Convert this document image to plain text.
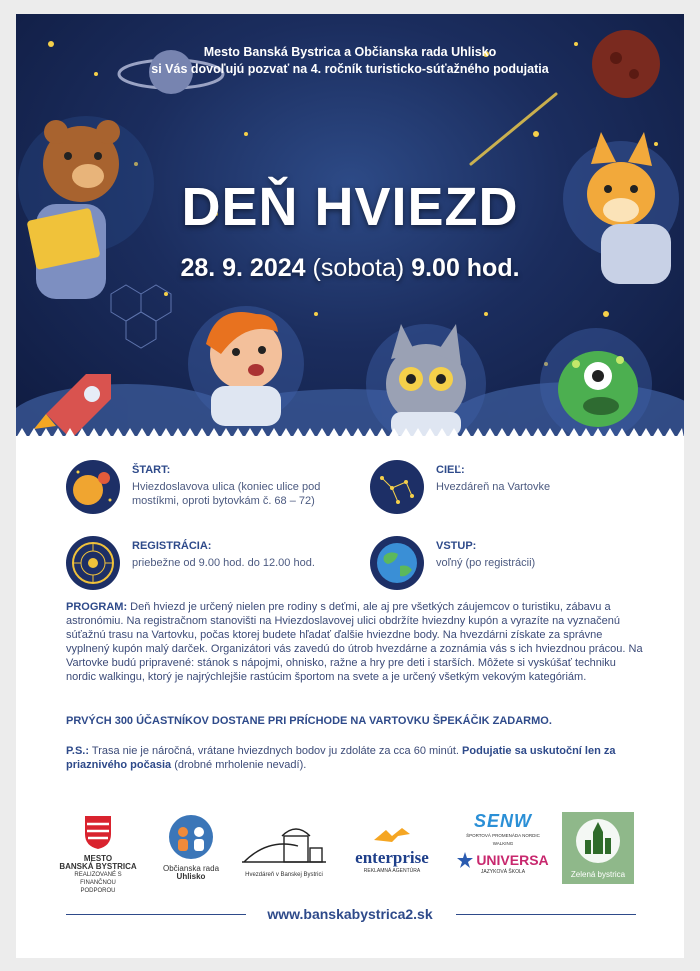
Mesto Banská Bystrica a Občianska rada Uhlisko
si Vás dovoľujú pozvať na 4. ročník turisticko-súťažného podujatia
DEŇ HVIEZD
28. 9. 2024 (sobota) 9.00 hod.
ŠTART:
Hviezdoslavova ulica (koniec ulice pod mostíkmi, oproti bytovkám č. 68 – 72)
CIEĽ:
Hvezdáreň na Vartovke
REGISTRÁCIA:
priebežne od 9.00 hod. do 12.00 hod.
VSTUP:
voľný (po registrácii)
PROGRAM: Deň hviezd je určený nielen pre rodiny s deťmi, ale aj pre všetkých záujemcov o turistiku, zábavu a astronómiu. Na registračnom stanovišti na Hviezdoslavovej ulici obdržíte hviezdny kupón a vyrazíte na vyznačenú súťažnú trasu na Vartovku, počas ktorej budete hľadať ďalšie hviezdne body. Na hvezdárni získate za správne vyplnený kupón malý darček. Organizátori vás zavedú do útrob hvezdárne a zoznámia vás s ich hviezdnou prácou. Na Vartovke budú pripravené: stánok s nápojmi, ohnisko, ražne a hry pre deti i starších. Môžete si vyskúšať techniku nordic walkingu, ktorý je najrýchlejšie rastúcim športom na svete a je určený všetkým vekovým kategóriám.
PRVÝCH 300 ÚČASTNÍKOV DOSTANE PRI PRÍCHODE NA VARTOVKU ŠPEKÁČIK ZADARMO.
P.S.: Trasa nie je náročná, vrátane hviezdnych bodov ju zdoláte za cca 60 minút. Podujatie sa uskutoční len za priaznivého počasia (drobné mrholenie nevadí).
MESTO
BANSKÁ BYSTRICA
REALIZOVANÉ S FINANČNOU
PODPOROU
Občianska rada
Uhlisko	Hvezdáreň v Banskej Bystrici
enterprise
REKLAMNÁ AGENTÚRA
SENW
ŠPORTOVÁ PROMENÁDA NORDIC WALKING
UNIVERSA
JAZYKOVÁ ŠKOLA	Zelená bystrica
www.banskabystrica2.sk
